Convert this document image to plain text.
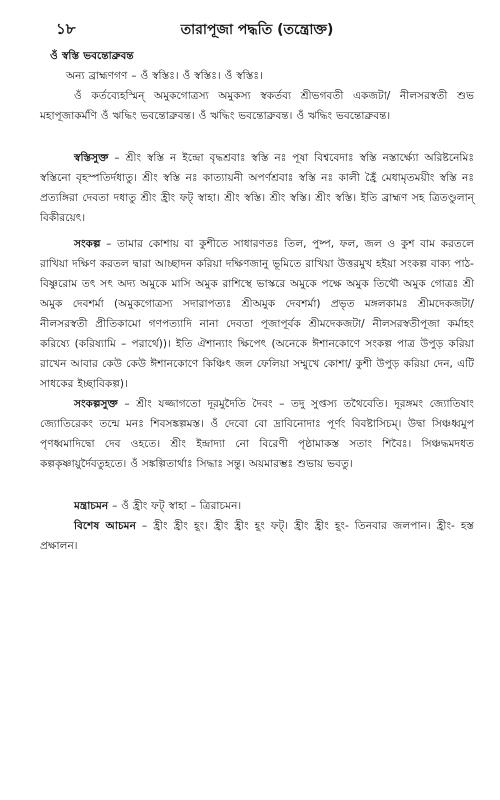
১৮	তারাপূজা পদ্ধতি (তন্ত্রোক্ত)

ওঁ স্বস্তি ভবন্তোব্রুবন্ত

অন্য ব্রাহ্মণগণ – ওঁ স্বস্তিঃ। ওঁ স্বস্তিঃ। ওঁ স্বস্তিঃ।

ওঁ কর্তব্যেহস্মিন্ অমুকগোত্রস্য অমুকস্য স্বকর্তব্য শ্রীভগবতী একজটা/ নীলসরস্বতী শুভ মহাপূজাকর্মণি ওঁ ঋদ্ধিং ভবন্তোব্রুবন্ত। ওঁ ঋদ্ধিং ভবন্তোব্রুবন্ত। ওঁ ঋদ্ধিং ভবন্তোব্রুবন্ত।

স্বস্তিসুক্ত – শ্রীং স্বস্তি ন ইন্দ্রো বৃদ্ধশ্রবাঃ স্বস্তি নঃ পূষা বিশ্ববেদাঃ স্বস্তি নস্তার্ক্ষ্যো অরিষ্টনেমিঃ স্বস্তিনো বৃহস্পতির্দধাতু। শ্রীং স্বস্তি নঃ কাত্যায়নী অপর্ণশ্রবাঃ স্বস্তি নঃ কালী হ্রৈঁ মেধামৃতময়ীং স্বস্তি নঃ প্রত্যঙ্গিরা দেবতা দধাতু শ্রীং হ্রীং ফট্ স্বাহা। শ্রীং স্বস্তি। শ্রীং স্বস্তি। শ্রীং স্বস্তি। ইতি ব্রাহ্মণ সহ ত্রিতণ্ডুলান্ বিকীরয়েৎ।

সংকল্প – তামার কোশায় বা কুশীতে সাধারণতঃ তিল, পুষ্প, ফল, জল ও কুশ বাম করতলে রাখিয়া দক্ষিণ করতল দ্বারা আচ্ছাদন করিয়া দক্ষিণজানু ভূমিতে রাখিয়া উত্তরমুখ হইয়া সংকল্প বাক্য পাঠ- বিষ্ণুরোম তৎ সৎ অদ্য অমুকে মাসি অমুক রাশিস্থে ভাস্করে অমুকে পক্ষে অমুক তিথৌ অমুক গোত্রঃ শ্রী অমুক দেবশর্মা (অমুকগোত্রস্য সদারাপত্যঃ শ্রীঅমুক দেবশর্মা) প্রভৃত মঙ্গলকামঃ শ্রীমদেকজটা/ নীলসরস্বতী প্রীতিকামো গণপত্যাদি নানা দেবতা পূজাপূর্বক শ্রীমদেকজটা/ নীলসরস্বতীপূজা কর্মাহং করিষ্যে (করিষ্যামি – পরার্থে))। ইতি ঐশান্যাং ক্ষিপেৎ (অনেকে ঈশানকোণে সংকল্প পাত্র উপুড় করিয়া রাখেন আবার কেউ কেউ ঈশানকোণে কিঞ্চিৎ জল ফেলিয়া সম্মুখে কোশা/ কুশী উপুড় করিয়া দেন, এটি সাধকের ইচ্ছাবিকল্প)।

সংকল্পসুক্ত – শ্রীং যজ্জাগতো দূরমুদৈতি দৈবং – তদু সুপ্তস্য তথৈবেতি। দূরঙ্গমং জ্যোতিষাং জ্যোতিরেকং তন্মে মনঃ শিবসঙ্কল্পমস্ত। ওঁ দেবো বো দ্রাবিনোদাঃ পূর্ণং বিবষ্টাসিচম্। উদ্বা সিঞ্চধ্বমুপ পৃণধ্বমাদিদ্বো দেব ওহতে। শ্রীং ইন্দ্রাদ্যা নো বিরেণী পৃষ্ঠামাকস্ত সতাং শিবৈঃ। সিঞ্চদ্ধমদধত কল্পকৃষ্ণায়ুর্দৈবতুহতে। ওঁ সঙ্কল্পিতার্থাঃ সিদ্ধাঃ সন্তু। অয়মারম্ভঃ শুভায় ভবতু।

মন্ত্রাচমন – ওঁ হ্রীং ফট্ স্বাহা – ত্রিরাচমন।

বিশেষ আচমন – হ্রীং হ্রীং হূং। হ্রীং হ্রীং হূং ফট্। হ্রীং হ্রীং হূং- তিনবার জলপান। হ্রীং- হস্ত প্রক্ষালন।
